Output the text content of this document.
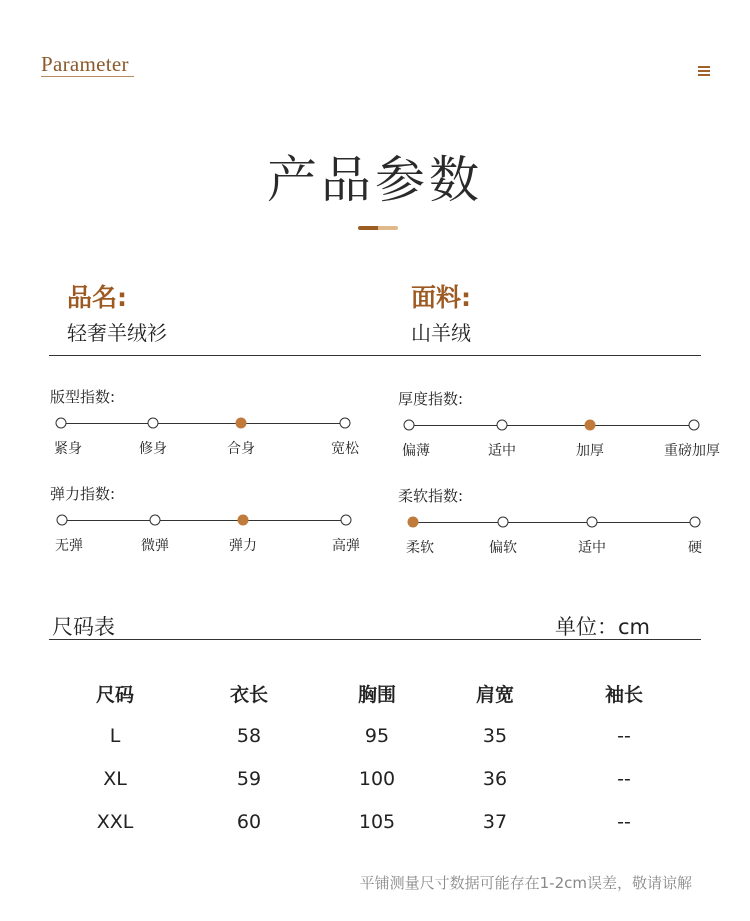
Parameter
产品参数
品名:
轻奢羊绒衫
面料:
山羊绒
版型指数:
紧身	修身	合身	宽松
厚度指数:
偏薄	适中	加厚	重磅加厚
弹力指数:
无弹	微弹	弹力	高弹
柔软指数:
柔软	偏软	适中	硬
尺码表	单位：cm
尺码	衣长	胸围	肩宽	袖长
L	58	95	35	--
XL	59	100	36	--
XXL	60	105	37	--
平铺测量尺寸数据可能存在1-2cm误差，敬请谅解
